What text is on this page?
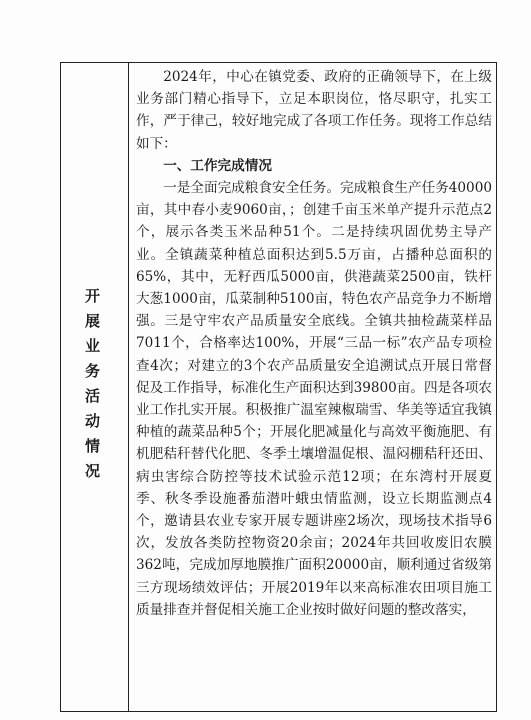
开展业务活动情况

2024年，中心在镇党委、政府的正确领导下，在上级业务部门精心指导下，立足本职岗位，恪尽职守，扎实工作，严于律己，较好地完成了各项工作任务。现将工作总结如下：

一、工作完成情况

一是全面完成粮食安全任务。完成粮食生产任务40000亩，其中春小麦9060亩，；创建千亩玉米单产提升示范点2个，展示各类玉米品种51个。二是持续巩固优势主导产业。全镇蔬菜种植总面积达到5.5万亩，占播种总面积的65%，其中，无籽西瓜5000亩，供港蔬菜2500亩，铁杆大葱1000亩，瓜菜制种5100亩，特色农产品竞争力不断增强。三是守牢农产品质量安全底线。全镇共抽检蔬菜样品7011个，合格率达100%，开展“三品一标”农产品专项检查4次；对建立的3个农产品质量安全追溯试点开展日常督促及工作指导，标准化生产面积达到39800亩。四是各项农业工作扎实开展。积极推广温室辣椒瑞雪、华美等适宜我镇种植的蔬菜品种5个；开展化肥减量化与高效平衡施肥、有机肥秸秆替代化肥、冬季土壤增温促根、温闷棚秸秆还田、病虫害综合防控等技术试验示范12项；在东湾村开展夏季、秋冬季设施番茄潜叶蛾虫情监测，设立长期监测点4个，邀请县农业专家开展专题讲座2场次，现场技术指导6次，发放各类防控物资20余亩；2024年共回收废旧农膜362吨，完成加厚地膜推广面积20000亩，顺利通过省级第三方现场绩效评估；开展2019年以来高标准农田项目施工质量排查并督促相关施工企业按时做好问题的整改落实，
